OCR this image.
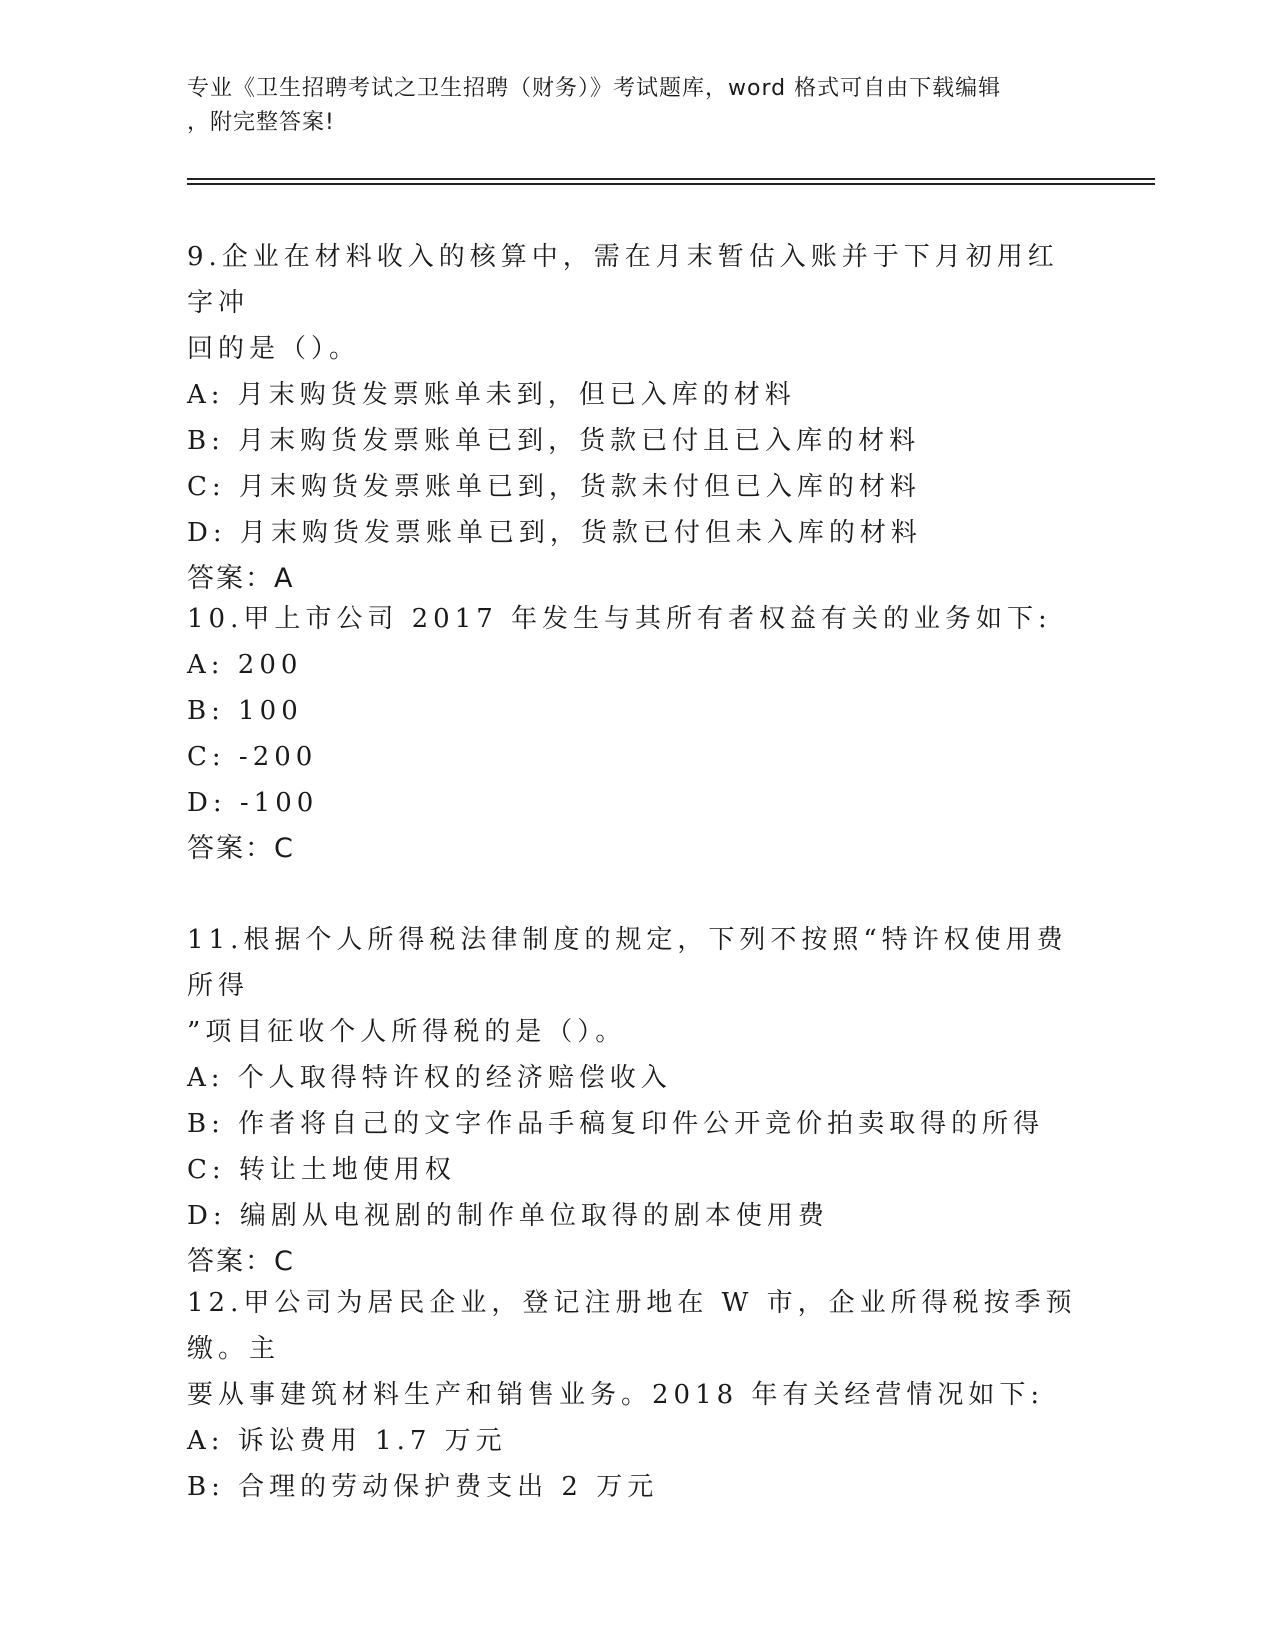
专业《卫生招聘考试之卫生招聘（财务）》考试题库，word 格式可自由下载编辑
，附完整答案!
9.企业在材料收入的核算中，需在月末暂估入账并于下月初用红字冲
回的是（）。
A: 月末购货发票账单未到，但已入库的材料
B: 月末购货发票账单已到，货款已付且已入库的材料
C: 月末购货发票账单已到，货款未付但已入库的材料
D: 月末购货发票账单已到，货款已付但未入库的材料
答案：A
10.甲上市公司 2017 年发生与其所有者权益有关的业务如下:
A: 200
B: 100
C: -200
D: -100
答案：C
11.根据个人所得税法律制度的规定，下列不按照“特许权使用费所得
”项目征收个人所得税的是（）。
A: 个人取得特许权的经济赔偿收入
B: 作者将自己的文字作品手稿复印件公开竞价拍卖取得的所得
C: 转让土地使用权
D: 编剧从电视剧的制作单位取得的剧本使用费
答案：C
12.甲公司为居民企业，登记注册地在 W 市，企业所得税按季预缴。主
要从事建筑材料生产和销售业务。2018 年有关经营情况如下:
A: 诉讼费用 1.7 万元
B: 合理的劳动保护费支出 2 万元
